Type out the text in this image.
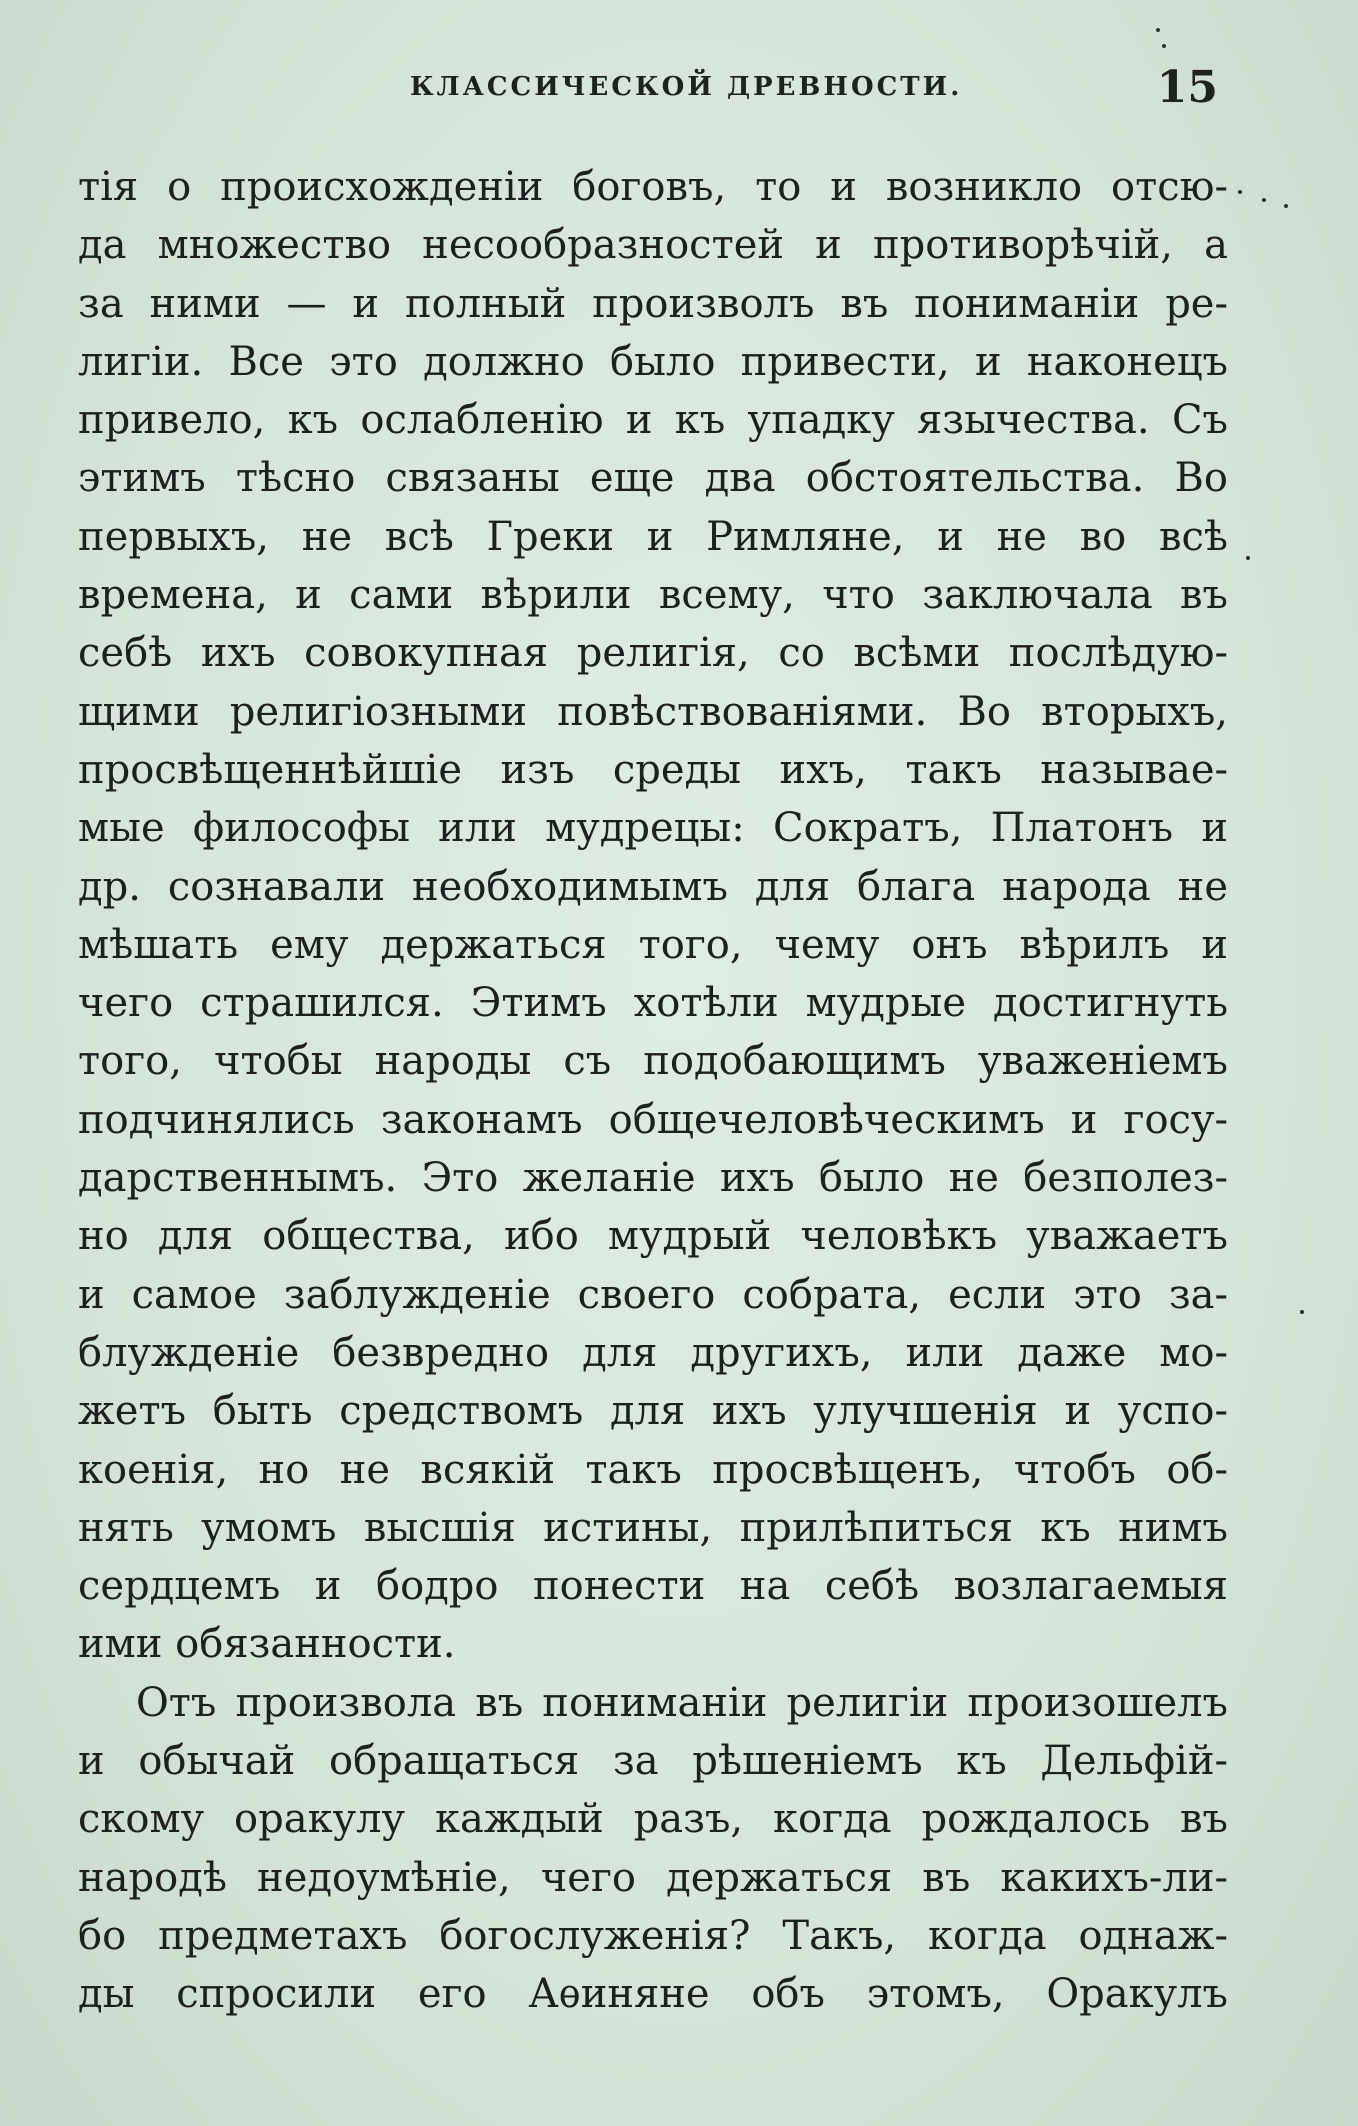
КЛАССИЧЕСКОЙ ДРЕВНОСТИ.	15
тія о происхожденіи боговъ, то и возникло отсю-
да множество несообразностей и противорѣчій, а
за ними — и полный произволъ въ пониманіи ре-
лигіи. Все это должно было привести, и наконецъ
привело, къ ослабленію и къ упадку язычества. Съ
этимъ тѣсно связаны еще два обстоятельства. Во
первыхъ, не всѣ Греки и Римляне, и не во всѣ
времена, и сами вѣрили всему, что заключала въ
себѣ ихъ совокупная религія, со всѣми послѣдую-
щими религіозными повѣствованіями. Во вторыхъ,
просвѣщеннѣйшіе изъ среды ихъ, такъ называе-
мые философы или мудрецы: Сократъ, Платонъ и
др. сознавали необходимымъ для блага народа не
мѣшать ему держаться того, чему онъ вѣрилъ и
чего страшился. Этимъ хотѣли мудрые достигнуть
того, чтобы народы съ подобающимъ уваженіемъ
подчинялись законамъ общечеловѣческимъ и госу-
дарственнымъ. Это желаніе ихъ было не безполез-
но для общества, ибо мудрый человѣкъ уважаетъ
и самое заблужденіе своего собрата, если это за-
блужденіе безвредно для другихъ, или даже мо-
жетъ быть средствомъ для ихъ улучшенія и успо-
коенія, но не всякій такъ просвѣщенъ, чтобъ об-
нять умомъ высшія истины, прилѣпиться къ нимъ
сердцемъ и бодро понести на себѣ возлагаемыя
ими обязанности.
Отъ произвола въ пониманіи религіи произошелъ
и обычай обращаться за рѣшеніемъ къ Дельфій-
скому оракулу каждый разъ, когда рождалось въ
народѣ недоумѣніе, чего держаться въ какихъ-ли-
бо предметахъ богослуженія? Такъ, когда однаж-
ды спросили его Аѳиняне объ этомъ, Оракулъ
